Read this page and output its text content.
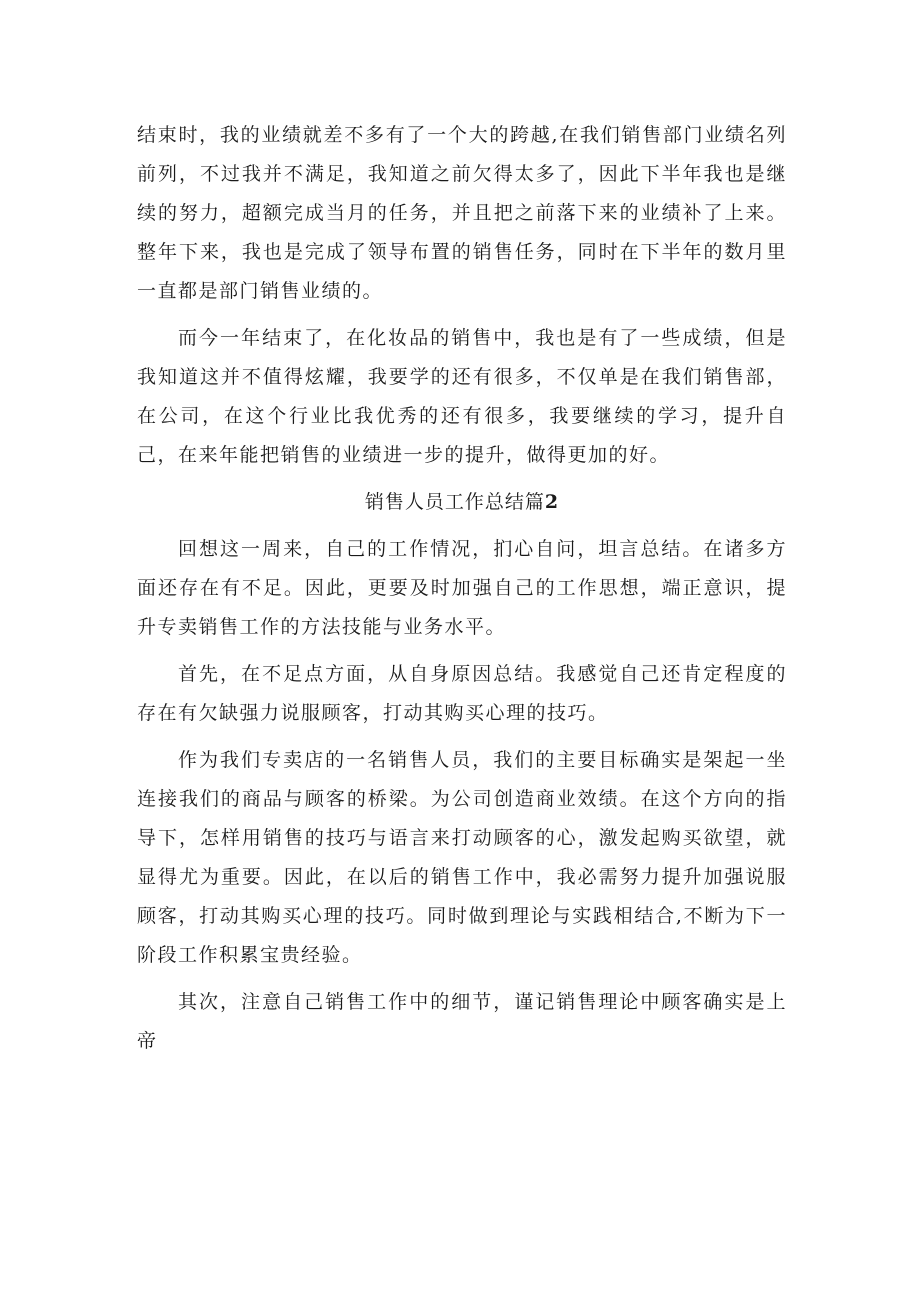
结束时，我的业绩就差不多有了一个大的跨越,在我们销售部门业绩名列前列，不过我并不满足，我知道之前欠得太多了，因此下半年我也是继续的努力，超额完成当月的任务，并且把之前落下来的业绩补了上来。整年下来，我也是完成了领导布置的销售任务，同时在下半年的数月里一直都是部门销售业绩的。

而今一年结束了，在化妆品的销售中，我也是有了一些成绩，但是我知道这并不值得炫耀，我要学的还有很多，不仅单是在我们销售部，在公司，在这个行业比我优秀的还有很多，我要继续的学习，提升自己，在来年能把销售的业绩进一步的提升，做得更加的好。

销售人员工作总结篇2

回想这一周来，自己的工作情况，扪心自问，坦言总结。在诸多方面还存在有不足。因此，更要及时加强自己的工作思想，端正意识，提升专卖销售工作的方法技能与业务水平。

首先，在不足点方面，从自身原因总结。我感觉自己还肯定程度的存在有欠缺强力说服顾客，打动其购买心理的技巧。

作为我们专卖店的一名销售人员，我们的主要目标确实是架起一坐连接我们的商品与顾客的桥梁。为公司创造商业效绩。在这个方向的指导下，怎样用销售的技巧与语言来打动顾客的心，激发起购买欲望，就显得尤为重要。因此，在以后的销售工作中，我必需努力提升加强说服顾客，打动其购买心理的技巧。同时做到理论与实践相结合,不断为下一阶段工作积累宝贵经验。

其次，注意自己销售工作中的细节，谨记销售理论中顾客确实是上帝
